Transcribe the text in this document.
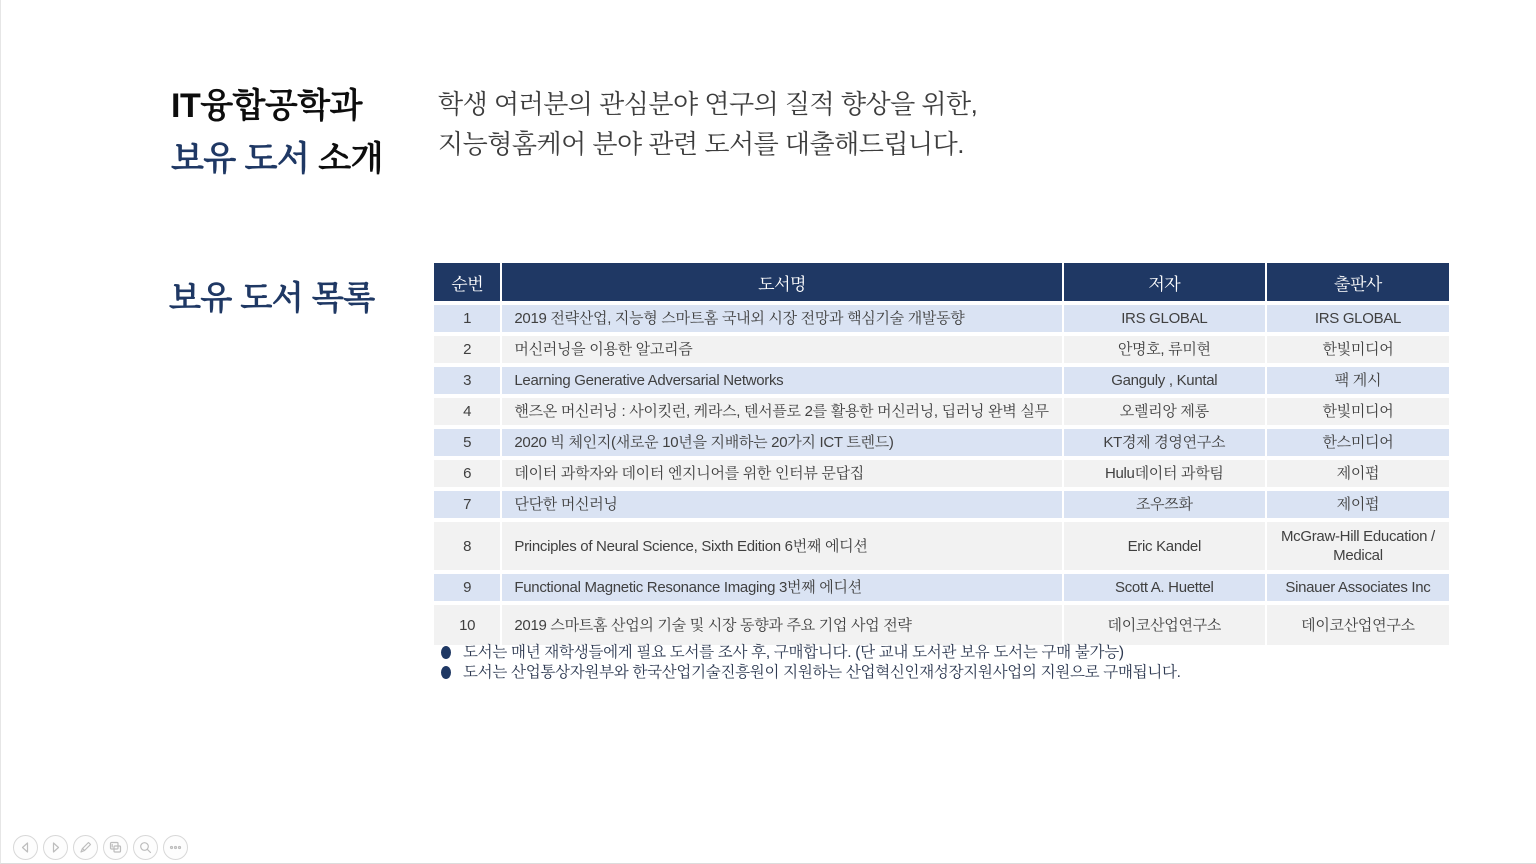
IT융합공학과
보유 도서 소개
학생 여러분의 관심분야 연구의 질적 향상을 위한,
지능형홈케어 분야 관련 도서를 대출해드립니다.
보유 도서 목록	순번	도서명	저자	출판사
1	2019 전략산업, 지능형 스마트홈 국내외 시장 전망과 핵심기술 개발동향	IRS GLOBAL	IRS GLOBAL
2	머신러닝을 이용한 알고리즘	안명호, 류미현	한빛미디어
3	Learning Generative Adversarial Networks	Ganguly , Kuntal	팩 게시
4	핸즈온 머신러닝 : 사이킷런, 케라스, 텐서플로 2를 활용한 머신러닝, 딥러닝 완벽 실무	오렐리앙 제롱	한빛미디어
5	2020 빅 체인지(새로운 10년을 지배하는 20가지 ICT 트렌드)	KT경제 경영연구소	한스미디어
6	데이터 과학자와 데이터 엔지니어를 위한 인터뷰 문답집	Hulu데이터 과학팀	제이펍
7	단단한 머신러닝	조우쯔화	제이펍
8	Principles of Neural Science, Sixth Edition 6번째 에디션	Eric Kandel	McGraw-Hill Education / Medical
9	Functional Magnetic Resonance Imaging 3번째 에디션	Scott A. Huettel	Sinauer Associates Inc
10	2019 스마트홈 산업의 기술 및 시장 동향과 주요 기업 사업 전략	데이코산업연구소	데이코산업연구소
도서는 매년 재학생들에게 필요 도서를 조사 후, 구매합니다. (단 교내 도서관 보유 도서는 구매 불가능)
도서는 산업통상자원부와 한국산업기술진흥원이 지원하는 산업혁신인재성장지원사업의 지원으로 구매됩니다.
